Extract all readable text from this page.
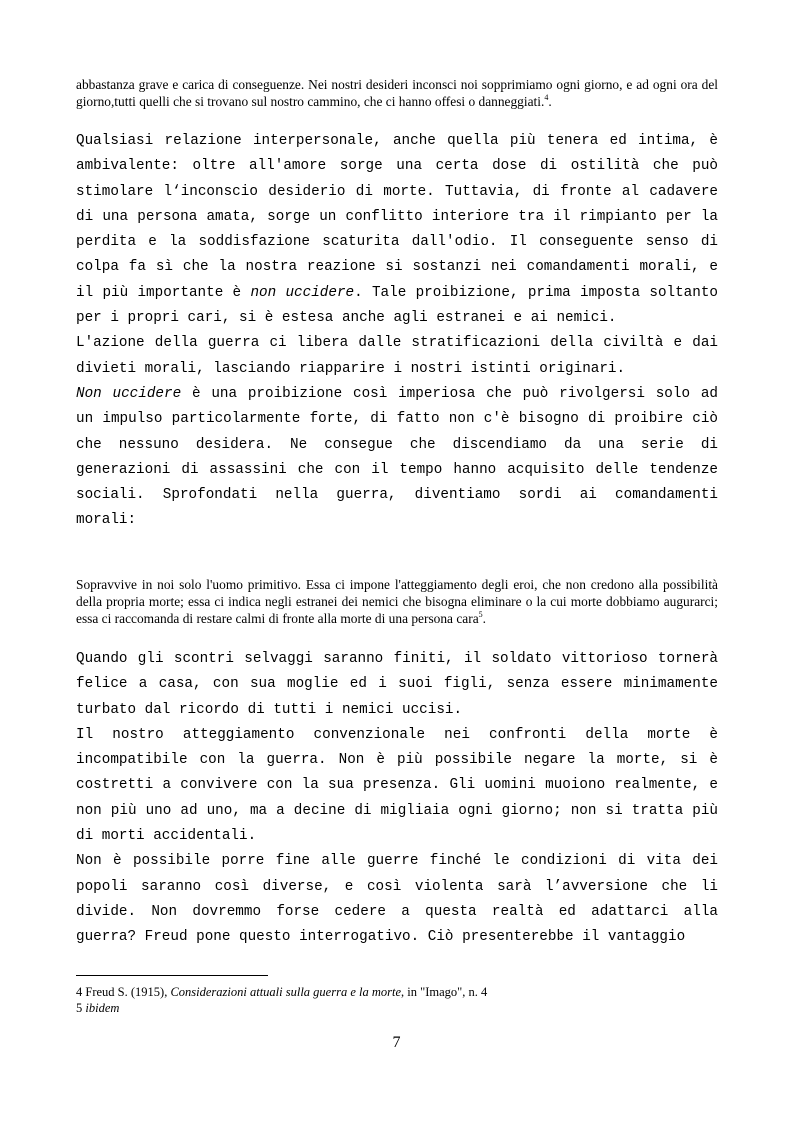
abbastanza grave e carica di conseguenze. Nei nostri desideri inconsci noi sopprimiamo ogni giorno, e ad ogni ora del giorno,tutti quelli che si trovano sul nostro cammino, che ci hanno offesi o danneggiati.$^4$.

Qualsiasi relazione interpersonale, anche quella più tenera ed intima, è ambivalente: oltre all'amore sorge una certa dose di ostilità che può stimolare l‘inconscio desiderio di morte. Tuttavia, di fronte al cadavere di una persona amata, sorge un conflitto interiore tra il rimpianto per la perdita e la soddisfazione scaturita dall'odio. Il conseguente senso di colpa fa sì che la nostra reazione si sostanzi nei comandamenti morali, e il più importante è non uccidere. Tale proibizione, prima imposta soltanto per i propri cari, si è estesa anche agli estranei e ai nemici.

L'azione della guerra ci libera dalle stratificazioni della civiltà e dai divieti morali, lasciando riapparire i nostri istinti originari.

Non uccidere è una proibizione così imperiosa che può rivolgersi solo ad un impulso particolarmente forte, di fatto non c'è bisogno di proibire ciò che nessuno desidera. Ne consegue che discendiamo da una serie di generazioni di assassini che con il tempo hanno acquisito delle tendenze sociali. Sprofondati nella guerra, diventiamo sordi ai comandamenti morali:

Sopravvive in noi solo l'uomo primitivo. Essa ci impone l'atteggiamento degli eroi, che non credono alla possibilità della propria morte; essa ci indica negli estranei dei nemici che bisogna eliminare o la cui morte dobbiamo augurarci; essa ci raccomanda di restare calmi di fronte alla morte di una persona cara$^5$.

Quando gli scontri selvaggi saranno finiti, il soldato vittorioso tornerà felice a casa, con sua moglie ed i suoi figli, senza essere minimamente turbato dal ricordo di tutti i nemici uccisi.

Il nostro atteggiamento convenzionale nei confronti della morte è incompatibile con la guerra. Non è più possibile negare la morte, si è costretti a convivere con la sua presenza. Gli uomini muoiono realmente, e non più uno ad uno, ma a decine di migliaia ogni giorno; non si tratta più di morti accidentali.

Non è possibile porre fine alle guerre finché le condizioni di vita dei popoli saranno così diverse, e così violenta sarà l’avversione che li divide. Non dovremmo forse cedere a questa realtà ed adattarci alla guerra? Freud pone questo interrogativo. Ciò presenterebbe il vantaggio

4 Freud S. (1915), Considerazioni attuali sulla guerra e la morte, in "Imago", n. 4
5 ibidem
7
